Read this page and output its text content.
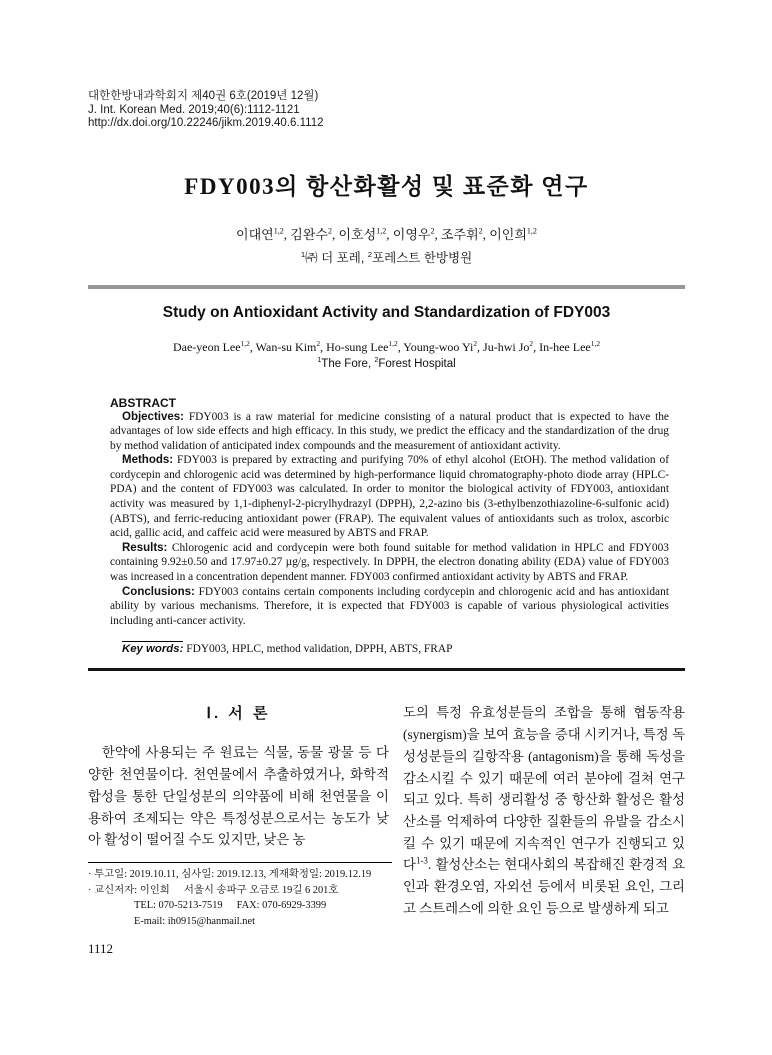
대한한방내과학회지 제40권 6호(2019년 12월)
J. Int. Korean Med. 2019;40(6):1112-1121
http://dx.doi.org/10.22246/jikm.2019.40.6.1112
FDY003의 항산화활성 및 표준화 연구
이대연$^{1,2}$, 김완수$^2$, 이호성$^{1,2}$, 이영우$^2$, 조주휘$^2$, 이인희$^{1,2}$
$^1$㈜ 더 포레, $^2$포레스트 한방병원
Study on Antioxidant Activity and Standardization of FDY003
Dae-yeon Lee$^{1,2}$, Wan-su Kim$^2$, Ho-sung Lee$^{1,2}$, Young-woo Yi$^2$, Ju-hwi Jo$^2$, In-hee Lee$^{1,2}$
$^1$The Fore, $^2$Forest Hospital
ABSTRACT

Objectives: FDY003 is a raw material for medicine consisting of a natural product that is expected to have the advantages of low side effects and high efficacy. In this study, we predict the efficacy and the standardization of the drug by method validation of anticipated index compounds and the measurement of antioxidant activity.

Methods: FDY003 is prepared by extracting and purifying 70% of ethyl alcohol (EtOH). The method validation of cordycepin and chlorogenic acid was determined by high-performance liquid chromatography-photo diode array (HPLC-PDA) and the content of FDY003 was calculated. In order to monitor the biological activity of FDY003, antioxidant activity was measured by 1,1-diphenyl-2-picrylhydrazyl (DPPH), 2,2-azino bis (3-ethylbenzothiazoline-6-sulfonic acid) (ABTS), and ferric-reducing antioxidant power (FRAP). The equivalent values of antioxidants such as trolox, ascorbic acid, gallic acid, and caffeic acid were measured by ABTS and FRAP.

Results: Chlorogenic acid and cordycepin were both found suitable for method validation in HPLC and FDY003 containing 9.92±0.50 and 17.97±0.27 µg/g, respectively. In DPPH, the electron donating ability (EDA) value of FDY003 was increased in a concentration dependent manner. FDY003 confirmed antioxidant activity by ABTS and FRAP.

Conclusions: FDY003 contains certain components including cordycepin and chlorogenic acid and has antioxidant ability by various mechanisms. Therefore, it is expected that FDY003 is capable of various physiological activities including anti-cancer activity.

Key words: FDY003, HPLC, method validation, DPPH, ABTS, FRAP
Ⅰ. 서 론

한약에 사용되는 주 원료는 식물, 동물 광물 등 다양한 천연물이다. 천연물에서 추출하였거나, 화학적 합성을 통한 단일성분의 의약품에 비해 천연물을 이용하여 조제되는 약은 특정성분으로서는 농도가 낮아 활성이 떨어질 수도 있지만, 낮은 농

· 투고일: 2019.10.11, 심사일: 2019.12.13, 게재확정일: 2019.12.19
· 교신저자: 이인희 서울시 송파구 오금로 19길 6 201호
TEL: 070-5213-7519 FAX: 070-6929-3399
E-mail: ih0915@hanmail.net

도의 특정 유효성분들의 조합을 통해 협동작용 (synergism)을 보여 효능을 증대 시키거나, 특정 독성성분들의 길항작용 (antagonism)을 통해 독성을 감소시킬 수 있기 때문에 여러 분야에 걸쳐 연구되고 있다. 특히 생리활성 중 항산화 활성은 활성산소를 억제하여 다양한 질환들의 유발을 감소시킬 수 있기 때문에 지속적인 연구가 진행되고 있다$^{1-3}$. 활성산소는 현대사회의 복잡해진 환경적 요인과 환경오염, 자외선 등에서 비롯된 요인, 그리고 스트레스에 의한 요인 등으로 발생하게 되고

1112
